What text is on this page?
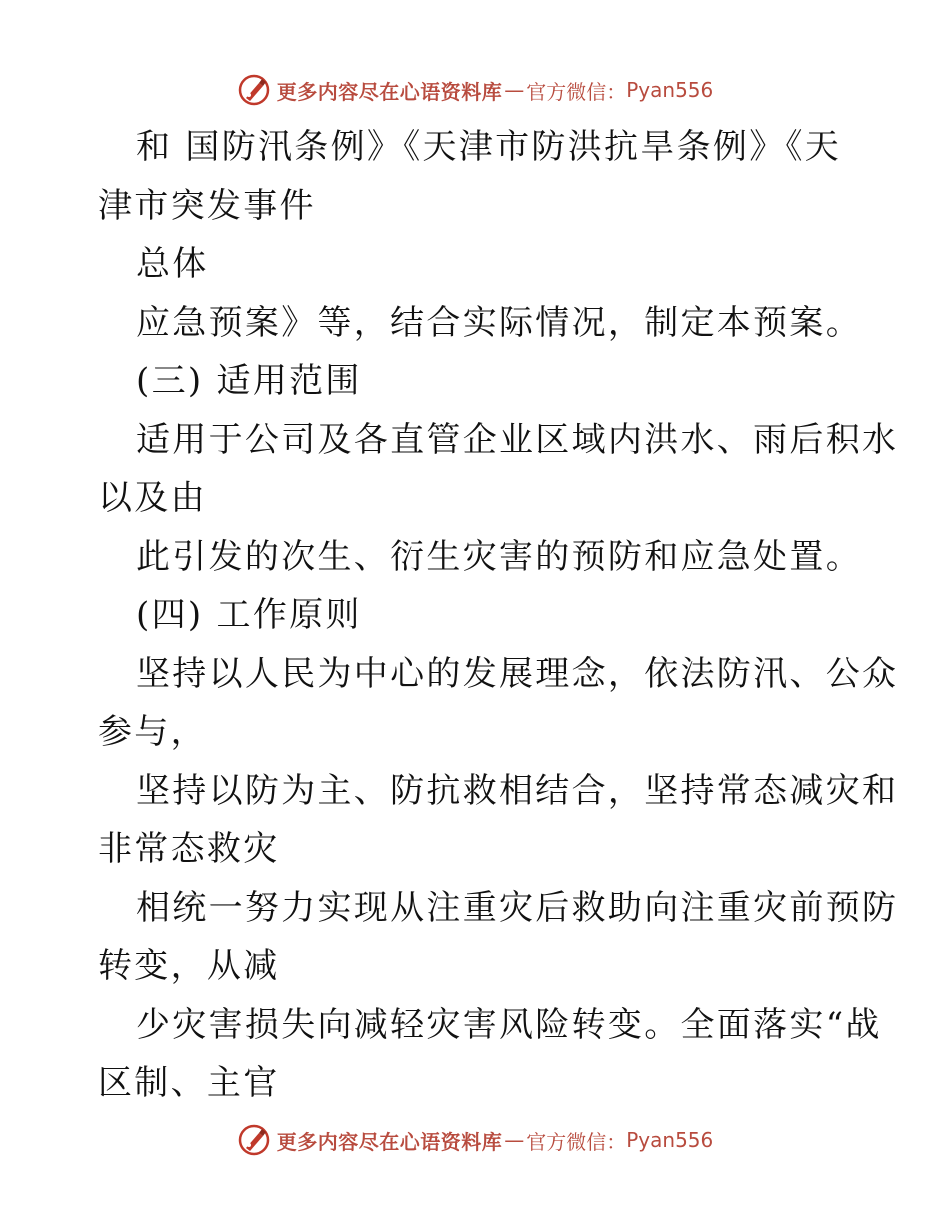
更多内容尽在心语资料库 — 官方微信： Pyan556
和 国防汛条例》《天津市防洪抗旱条例》《天
津市突发事件
总体
应急预案》等，结合实际情况，制定本预案。
(三) 适用范围
适用于公司及各直管企业区域内洪水、雨后积水
以及由
此引发的次生、衍生灾害的预防和应急处置。
(四) 工作原则
坚持以人民为中心的发展理念，依法防汛、公众
参与，
坚持以防为主、防抗救相结合，坚持常态减灾和
非常态救灾
相统一努力实现从注重灾后救助向注重灾前预防
转变，从减
少灾害损失向减轻灾害风险转变。全面落实“战
区制、主官
更多内容尽在心语资料库 — 官方微信： Pyan556
